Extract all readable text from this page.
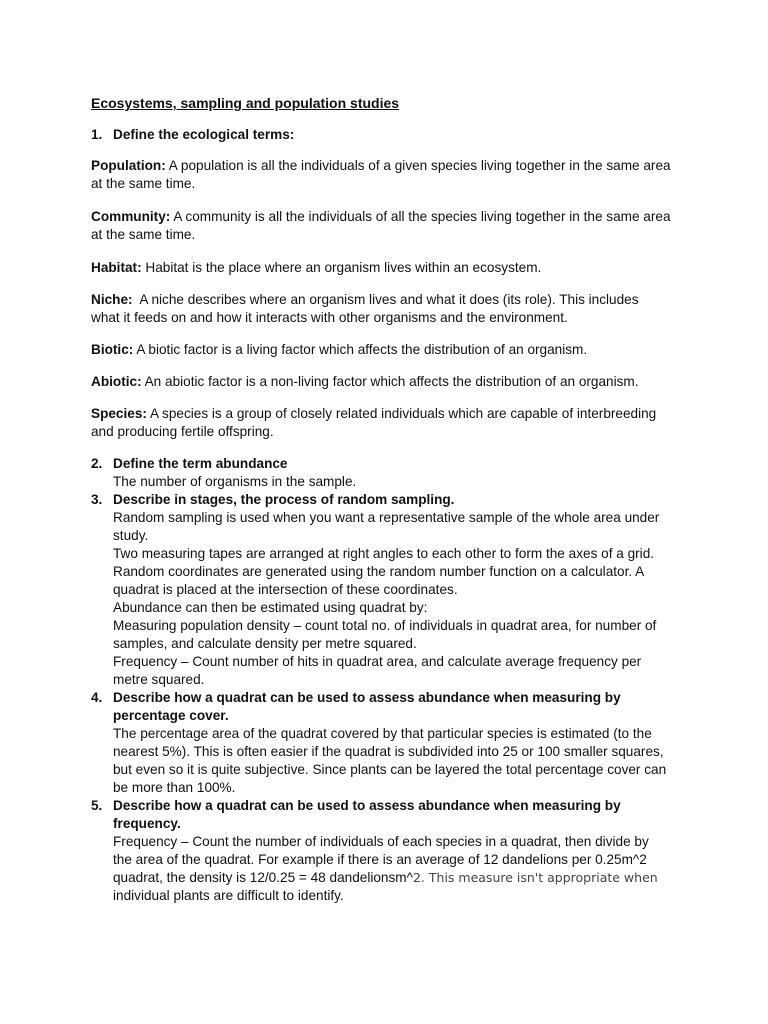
Ecosystems, sampling and population studies
1. Define the ecological terms:
Population: A population is all the individuals of a given species living together in the same area at the same time.
Community: A community is all the individuals of all the species living together in the same area at the same time.
Habitat: Habitat is the place where an organism lives within an ecosystem.
Niche:  A niche describes where an organism lives and what it does (its role). This includes what it feeds on and how it interacts with other organisms and the environment.
Biotic: A biotic factor is a living factor which affects the distribution of an organism.
Abiotic: An abiotic factor is a non-living factor which affects the distribution of an organism.
Species: A species is a group of closely related individuals which are capable of interbreeding and producing fertile offspring.
2. Define the term abundance

The number of organisms in the sample.

3. Describe in stages, the process of random sampling.

Random sampling is used when you want a representative sample of the whole area under study.

Two measuring tapes are arranged at right angles to each other to form the axes of a grid. Random coordinates are generated using the random number function on a calculator. A quadrat is placed at the intersection of these coordinates.

Abundance can then be estimated using quadrat by:

Measuring population density – count total no. of individuals in quadrat area, for number of samples, and calculate density per metre squared.

Frequency – Count number of hits in quadrat area, and calculate average frequency per metre squared.

4. Describe how a quadrat can be used to assess abundance when measuring by percentage cover.

The percentage area of the quadrat covered by that particular species is estimated (to the nearest 5%). This is often easier if the quadrat is subdivided into 25 or 100 smaller squares, but even so it is quite subjective. Since plants can be layered the total percentage cover can be more than 100%.

5. Describe how a quadrat can be used to assess abundance when measuring by frequency.

Frequency – Count the number of individuals of each species in a quadrat, then divide by the area of the quadrat. For example if there is an average of 12 dandelions per 0.25m^2 quadrat, the density is 12/0.25 = 48 dandelionsm^2. This measure isn't appropriate when
individual plants are difficult to identify.
